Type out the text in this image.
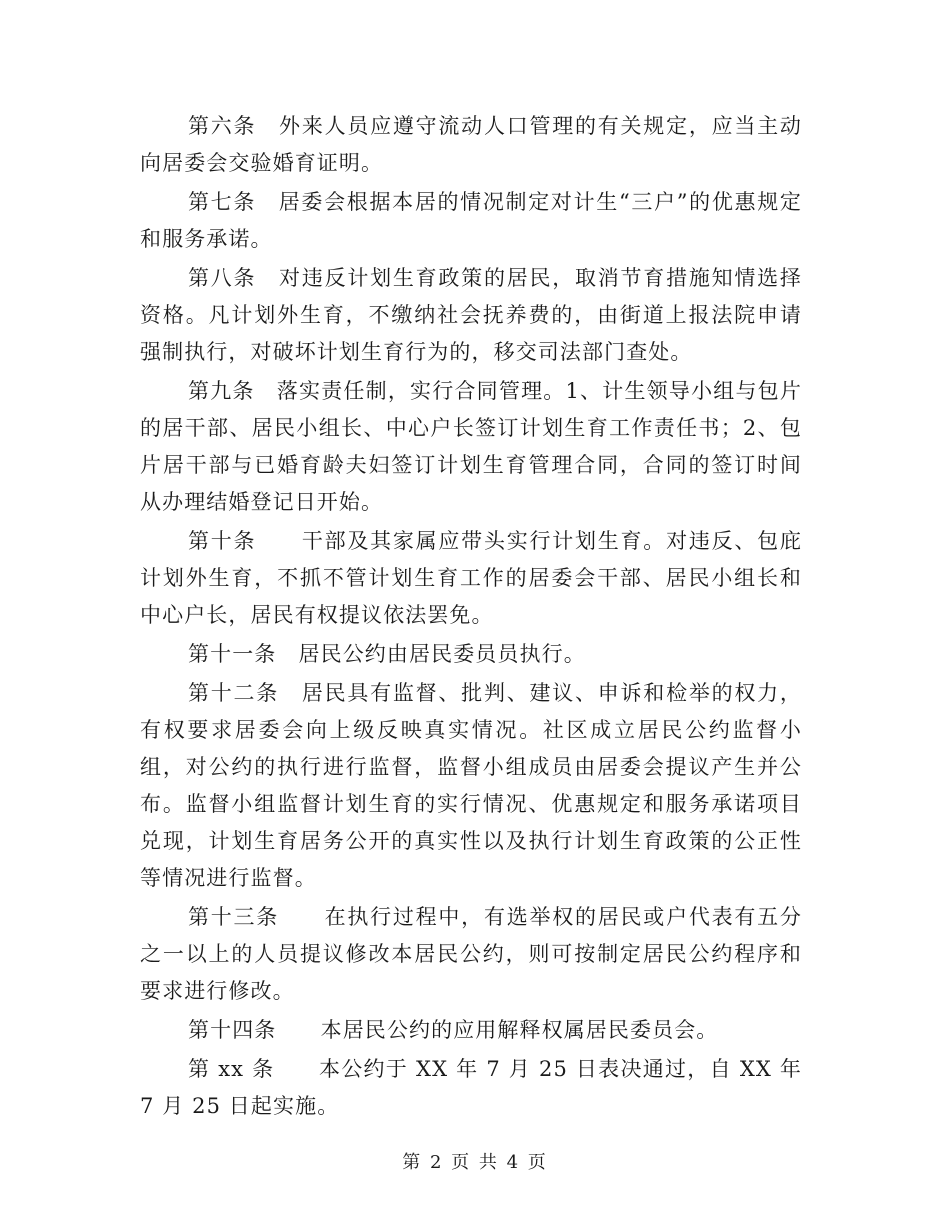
第六条　外来人员应遵守流动人口管理的有关规定，应当主动向居委会交验婚育证明。

第七条　居委会根据本居的情况制定对计生“三户”的优惠规定和服务承诺。

第八条　对违反计划生育政策的居民，取消节育措施知情选择资格。凡计划外生育，不缴纳社会抚养费的，由街道上报法院申请强制执行，对破坏计划生育行为的，移交司法部门查处。

第九条　落实责任制，实行合同管理。1、计生领导小组与包片的居干部、居民小组长、中心户长签订计划生育工作责任书；2、包片居干部与已婚育龄夫妇签订计划生育管理合同，合同的签订时间从办理结婚登记日开始。

第十条　　干部及其家属应带头实行计划生育。对违反、包庇计划外生育，不抓不管计划生育工作的居委会干部、居民小组长和中心户长，居民有权提议依法罢免。

第十一条　居民公约由居民委员员执行。

第十二条　居民具有监督、批判、建议、申诉和检举的权力，有权要求居委会向上级反映真实情况。社区成立居民公约监督小组，对公约的执行进行监督，监督小组成员由居委会提议产生并公布。监督小组监督计划生育的实行情况、优惠规定和服务承诺项目兑现，计划生育居务公开的真实性以及执行计划生育政策的公正性等情况进行监督。

第十三条　　在执行过程中，有选举权的居民或户代表有五分之一以上的人员提议修改本居民公约，则可按制定居民公约程序和要求进行修改。

第十四条　　本居民公约的应用解释权属居民委员会。

第 xx 条　　本公约于 XX 年 7 月 25 日表决通过，自 XX 年 7 月 25 日起实施。

第 2 页 共 4 页
